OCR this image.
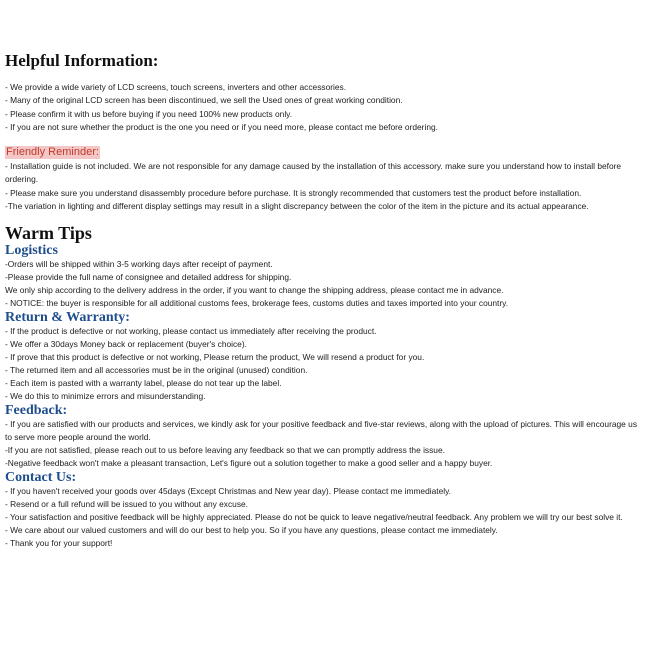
Helpful Information:
- We provide a wide variety of LCD screens, touch screens, inverters and other accessories.
- Many of the original LCD screen has been discontinued, we sell the Used ones of great working condition.
- Please confirm it with us before buying if you need 100% new products only.
- If you are not sure whether the product is the one you need or if you need more, please contact me before ordering.
Friendly Reminder:
- Installation guide is not included. We are not responsible for any damage caused by the installation of this accessory. make sure you understand how to install before ordering.
- Please make sure you understand disassembly procedure before purchase. It is strongly recommended that customers test the product before installation.
-The variation in lighting and different display settings may result in a slight discrepancy between the color of the item in the picture and its actual appearance.
Warm Tips
Logistics
-Orders will be shipped within 3-5 working days after receipt of payment.
-Please provide the full name of consignee and detailed address for shipping.
We only ship according to the delivery address in the order, if you want to change the shipping address, please contact me in advance.
- NOTICE: the buyer is responsible for all additional customs fees, brokerage fees, customs duties and taxes imported into your country.
Return & Warranty:
- If the product is defective or not working, please contact us immediately after receiving the product.
- We offer a 30days Money back or replacement (buyer's choice).
- If prove that this product is defective or not working, Please return the product, We will resend a product for you.
- The returned item and all accessories must be in the original (unused) condition.
- Each item is pasted with a warranty label, please do not tear up the label.
- We do this to minimize errors and misunderstanding.
Feedback:
- If you are satisfied with our products and services, we kindly ask for your positive feedback and five-star reviews, along with the upload of pictures. This will encourage us to serve more people around the world.
-If you are not satisfied, please reach out to us before leaving any feedback so that we can promptly address the issue.
-Negative feedback won't make a pleasant transaction, Let's figure out a solution together to make a good seller and a happy buyer.
Contact Us:
- If you haven't received your goods over 45days (Except Christmas and New year day). Please contact me immediately.
- Resend or a full refund will be issued to you without any excuse.
- Your satisfaction and positive feedback will be highly appreciated. Please do not be quick to leave negative/neutral feedback. Any problem we will try our best solve it.
- We care about our valued customers and will do our best to help you. So if you have any questions, please contact me immediately.
- Thank you for your support!
